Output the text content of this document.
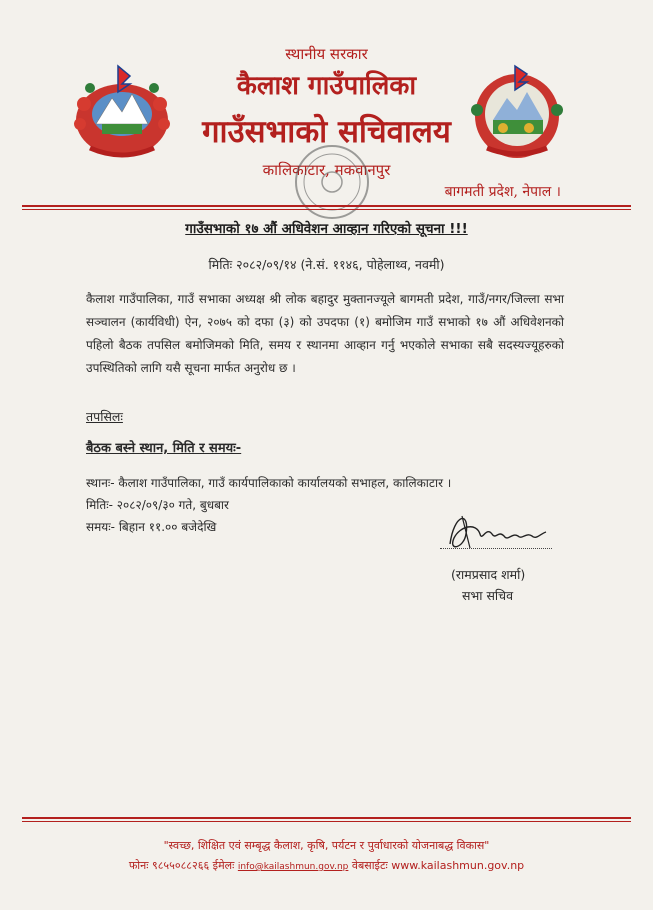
स्थानीय सरकार
कैलाश गाउँपालिका
गाउँसभाको सचिवालय
कालिकाटार, मकवानपुर
बागमती प्रदेश, नेपाल ।
गाउँसभाको १७ औं अधिवेशन आव्हान गरिएको सूचना !!!
मितिः २०८२/०९/१४ (ने.सं. ११४६, पोहेलाथ्व, नवमी)
कैलाश गाउँपालिका, गाउँ सभाका अध्यक्ष श्री लोक बहादुर मुक्तानज्यूले बागमती प्रदेश, गाउँ/नगर/जिल्ला सभा सञ्चालन (कार्यविधी) ऐन, २०७५ को दफा (३) को उपदफा (१) बमोजिम गाउँ सभाको १७ औं अधिवेशनको पहिलो बैठक तपसिल बमोजिमको मिति, समय र स्थानमा आव्हान गर्नु भएकोले सभाका सबै सदस्यज्यूहरुको उपस्थितिको लागि यसै सूचना मार्फत अनुरोध छ ।
तपसिलः
बैठक बस्ने स्थान, मिति र समयः-
स्थानः- कैलाश गाउँपालिका, गाउँ कार्यपालिकाको कार्यालयको सभाहल, कालिकाटार ।
मितिः- २०८२/०९/३० गते, बुधबार
समयः- बिहान ११.०० बजेदेखि
(रामप्रसाद शर्मा)
सभा सचिव
"स्वच्छ, शिक्षित एवं सम्बृद्ध कैलाश, कृषि, पर्यटन र पुर्वाधारको योजनाबद्ध विकास"
फोनः ९८५५०८८२६६ ईमेलः info@kailashmun.gov.np वेबसाईटः www.kailashmun.gov.np
